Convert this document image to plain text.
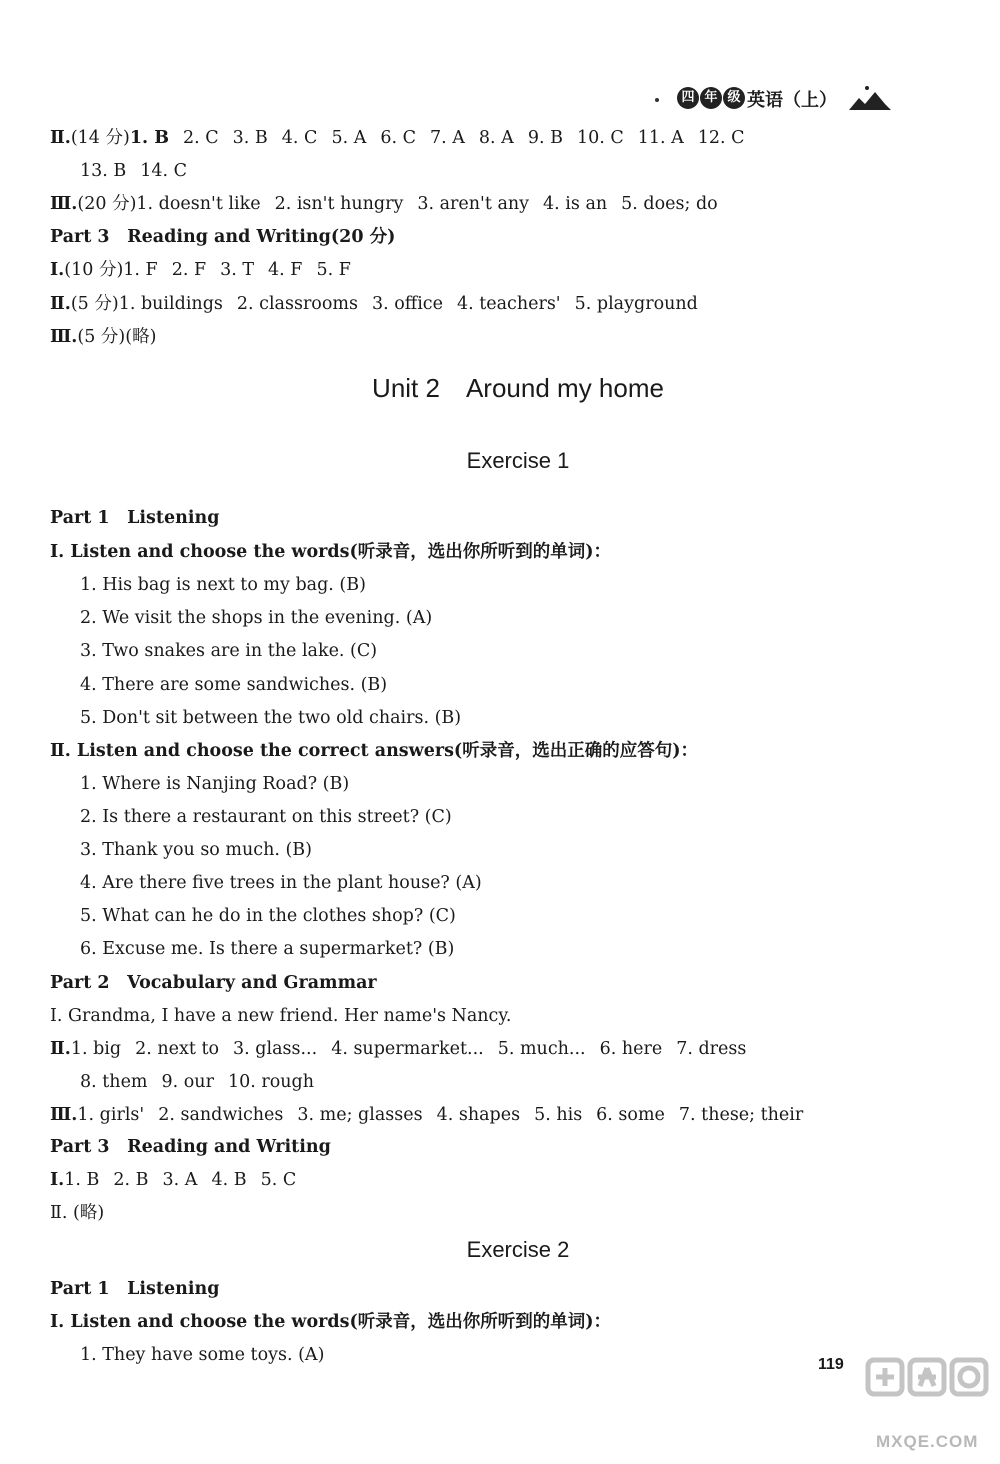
四 年 级 英语（上）
Ⅱ.(14 分)1. B 2. C 3. B 4. C 5. A 6. C 7. A 8. A 9. B 10. C 11. A 12. C
13. B 14. C
Ⅲ.(20 分)1. doesn't like 2. isn't hungry 3. aren't any 4. is an 5. does; do
Part 3　Reading and Writing(20 分)
Ⅰ.(10 分)1. F 2. F 3. T 4. F 5. F
Ⅱ.(5 分)1. buildings 2. classrooms 3. office 4. teachers' 5. playground
Ⅲ.(5 分)(略)
Unit 2　Around my home
Exercise 1
Part 1　Listening
Ⅰ. Listen and choose the words(听录音，选出你所听到的单词)：
1. His bag is next to my bag. (B)
2. We visit the shops in the evening. (A)
3. Two snakes are in the lake. (C)
4. There are some sandwiches. (B)
5. Don't sit between the two old chairs. (B)
Ⅱ. Listen and choose the correct answers(听录音，选出正确的应答句)：
1. Where is Nanjing Road? (B)
2. Is there a restaurant on this street? (C)
3. Thank you so much. (B)
4. Are there five trees in the plant house? (A)
5. What can he do in the clothes shop? (C)
6. Excuse me. Is there a supermarket? (B)
Part 2　Vocabulary and Grammar
Ⅰ. Grandma, I have a new friend. Her name's Nancy.
Ⅱ.1. big 2. next to 3. glass... 4. supermarket... 5. much... 6. here 7. dress
8. them 9. our 10. rough
Ⅲ.1. girls' 2. sandwiches 3. me; glasses 4. shapes 5. his 6. some 7. these; their
Part 3　Reading and Writing
Ⅰ.1. B 2. B 3. A 4. B 5. C
Ⅱ. (略)
Exercise 2
Part 1　Listening
Ⅰ. Listen and choose the words(听录音，选出你所听到的单词)：
1. They have some toys. (A)	119
MXQE.COM
